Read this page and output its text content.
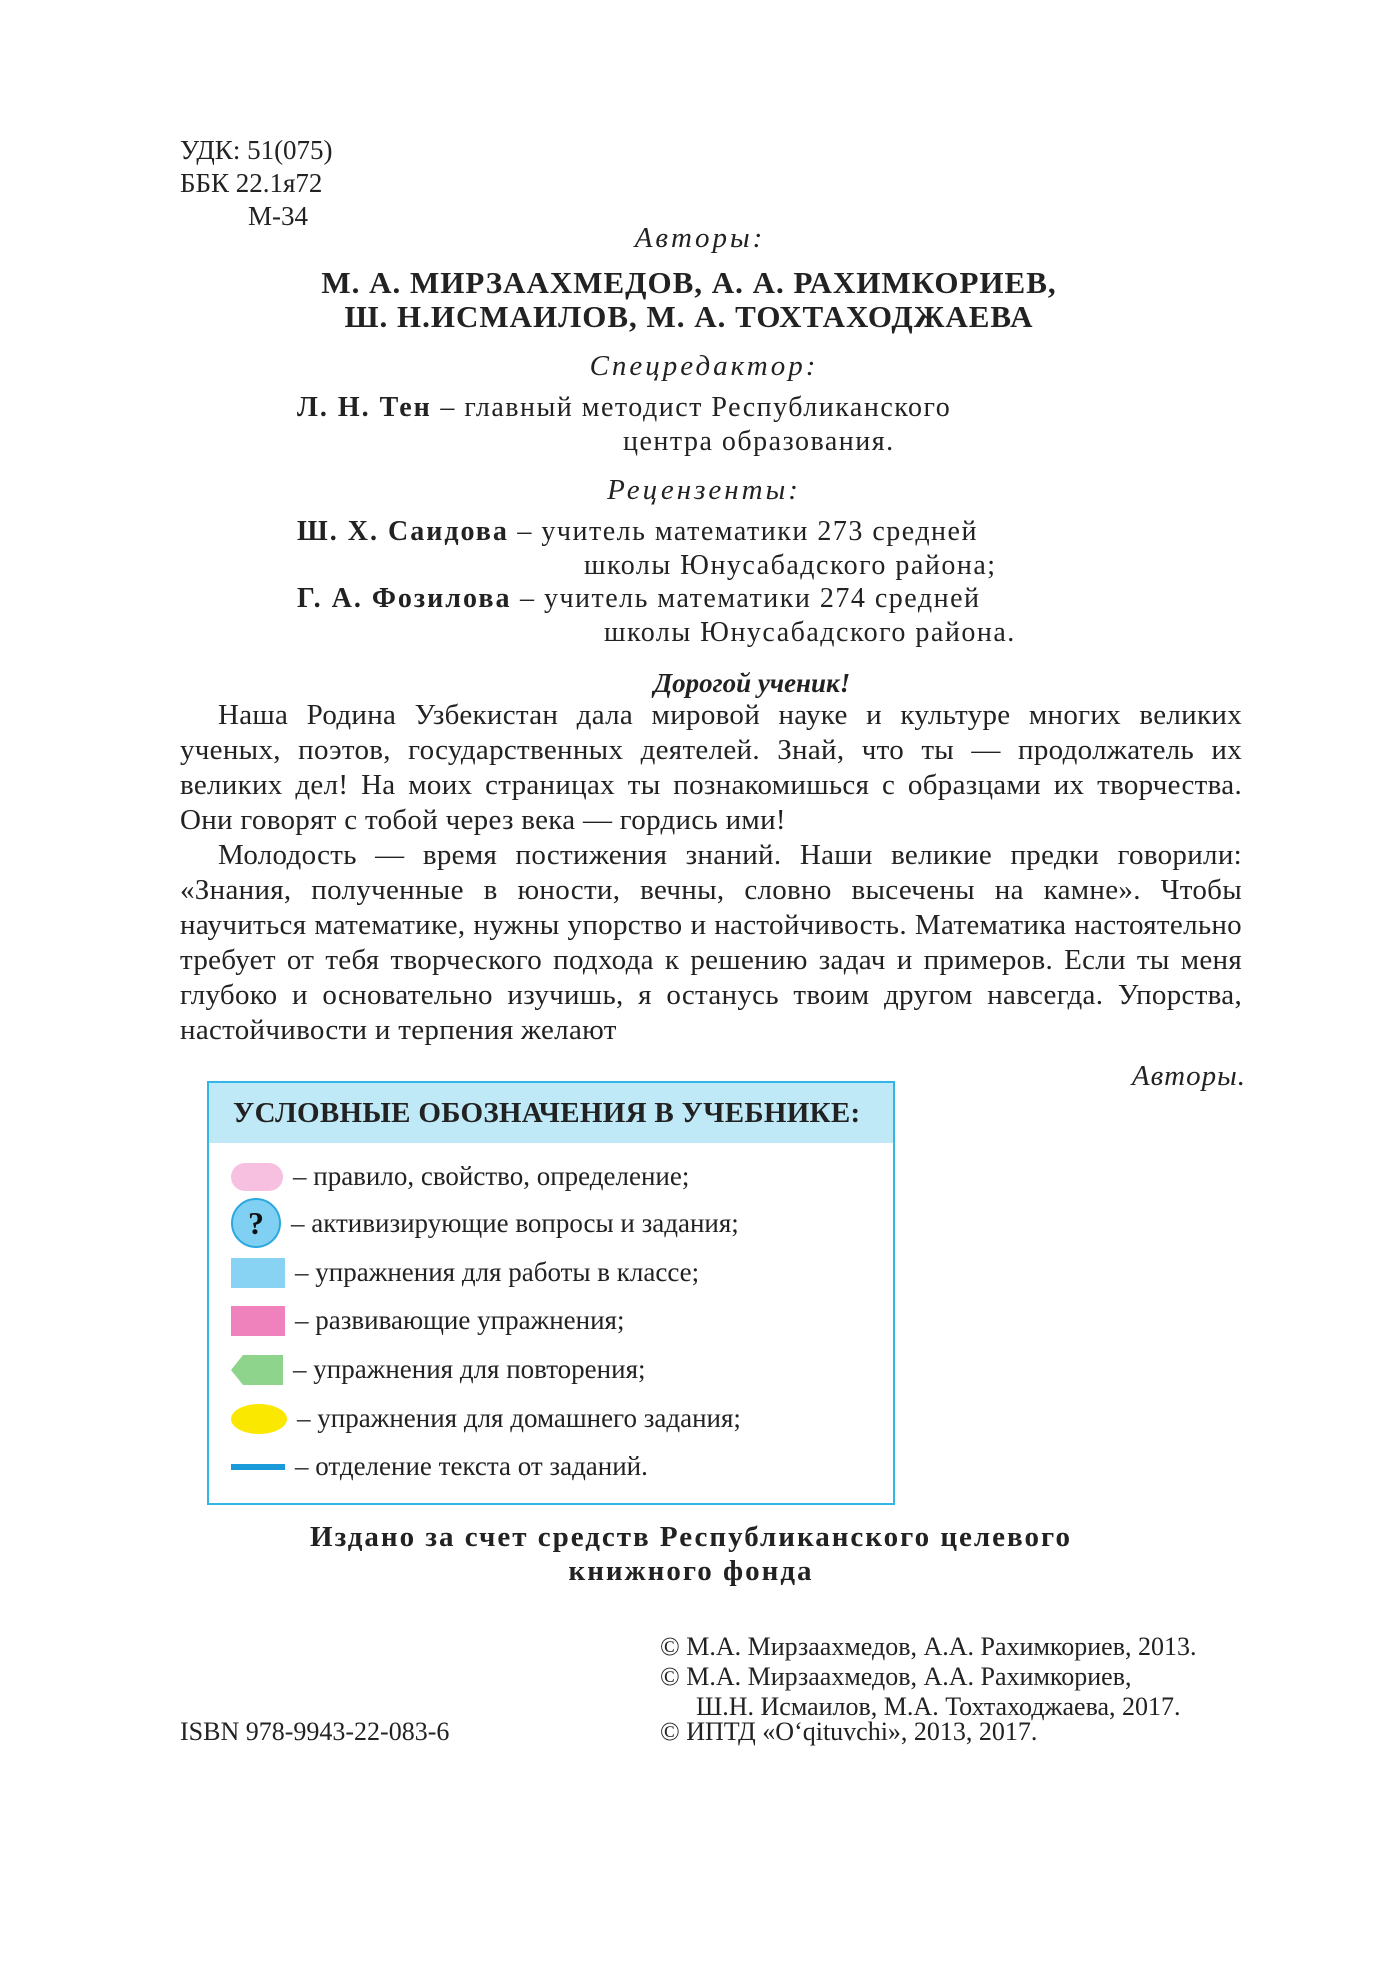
УДК: 51(075)
ББК 22.1я72
М-34
Авторы:
М. А. МИРЗААХМЕДОВ, А. А. РАХИМКОРИЕВ,
Ш. Н.ИСМАИЛОВ, М. А. ТОХТАХОДЖАЕВА
Спецредактор:
Л. Н. Тен – главный методист Республиканского
центра образования.
Рецензенты:
Ш. Х. Саидова – учитель математики 273 средней
школы Юнусабадского района;
Г. А. Фозилова – учитель математики 274 средней
школы Юнусабадского района.
Дорогой ученик!

Наша Родина Узбекистан дала мировой науке и культуре многих великих ученых, поэтов, государственных деятелей. Знай, что ты — продолжатель их великих дел! На моих страницах ты познакомишься с образцами их творчества. Они говорят с тобой через века — гордись ими!

Молодость — время постижения знаний. Наши великие предки говорили: «Знания, полученные в юности, вечны, словно высечены на камне». Чтобы научиться математике, нужны упорство и настойчивость. Математика настоятельно требует от тебя творческого подхода к решению задач и примеров. Если ты меня глубоко и основательно изучишь, я останусь твоим другом навсегда. Упорства, настойчивости и терпения желают

Авторы.
УСЛОВНЫЕ ОБОЗНАЧЕНИЯ В УЧЕБНИКЕ:
– правило, свойство, определение;
?	– активизирующие вопросы и задания;
– упражнения для работы в классе;
– развивающие упражнения;
– упражнения для повторения;
– упражнения для домашнего задания;
– отделение текста от заданий.
Издано за счет средств Республиканского целевого
книжного фонда
© М.А. Мирзаахмедов, А.А. Рахимкориев, 2013.
© М.А. Мирзаахмедов, А.А. Рахимкориев,
Ш.Н. Исмаилов, М.А. Тохтаходжаева, 2017.
© ИПТД «O‘qituvchi», 2013, 2017.
ISBN 978-9943-22-083-6
